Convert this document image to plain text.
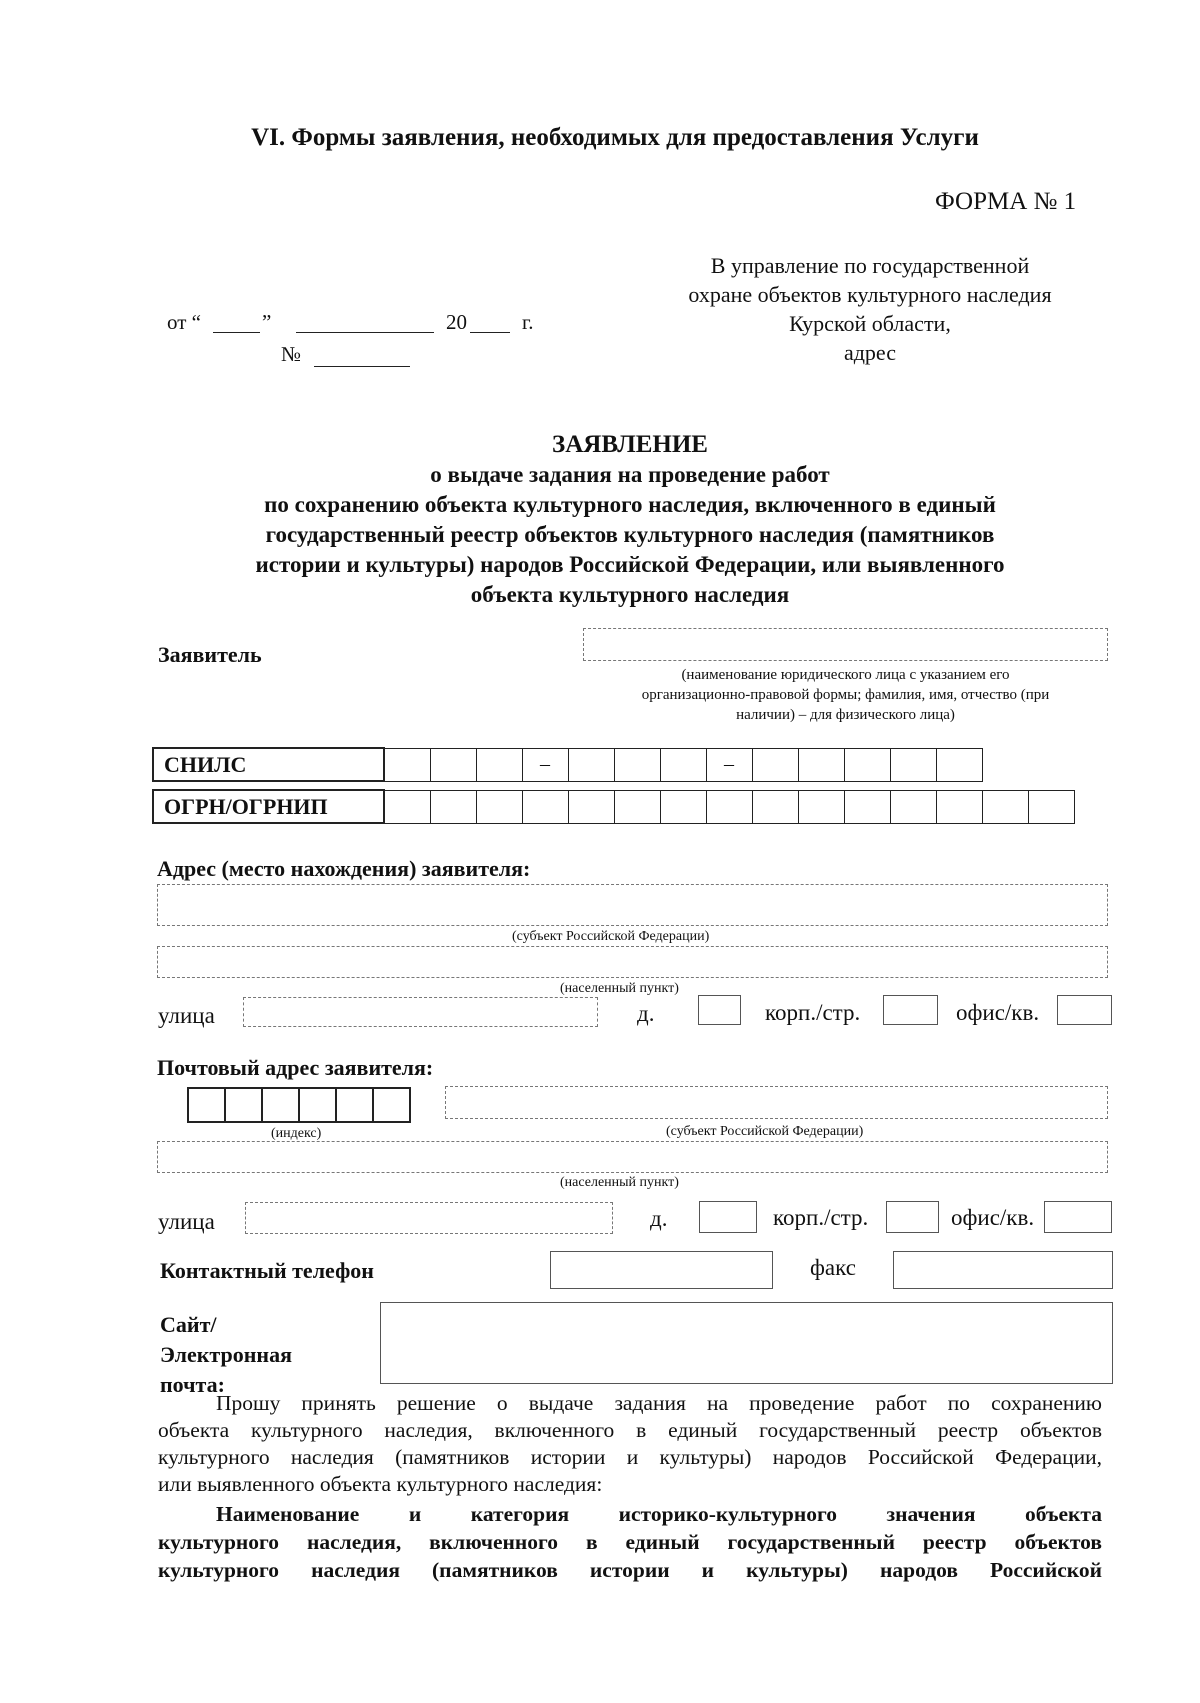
VI. Формы заявления, необходимых для предоставления Услуги
ФОРМА № 1
В управление по государственной
охране объектов культурного наследия
Курской области,
адрес
от “	”	20	г.
№
ЗАЯВЛЕНИЕ
о выдаче задания на проведение работ
по сохранению объекта культурного наследия, включенного в единый
государственный реестр объектов культурного наследия (памятников
истории и культуры) народов Российской Федерации, или выявленного
объекта культурного наследия
Заявитель
(наименование юридического лица с указанием его
организационно-правовой формы; фамилия, имя, отчество (при
наличии) – для физического лица)
СНИЛС				–				–					
ОГРН/ОГРНИП															
Адрес (место нахождения) заявителя:
(субъект Российской Федерации)
(населенный пункт)
улица	д.	корп./стр.	офис/кв.
Почтовый адрес заявителя:

(индекс)	(субъект Российской Федерации)
(населенный пункт)
улица	д.	корп./стр.	офис/кв.
Контактный телефон	факс
Сайт/
Электронная
почта:
Прошу принять решение о выдаче задания на проведение работ по сохранению
объекта культурного наследия, включенного в единый государственный реестр объектов
культурного наследия (памятников истории и культуры) народов Российской Федерации,
или выявленного объекта культурного наследия:
Наименование и категория историко-культурного значения объекта
культурного наследия, включенного в единый государственный реестр объектов
культурного наследия (памятников истории и культуры) народов Российской
